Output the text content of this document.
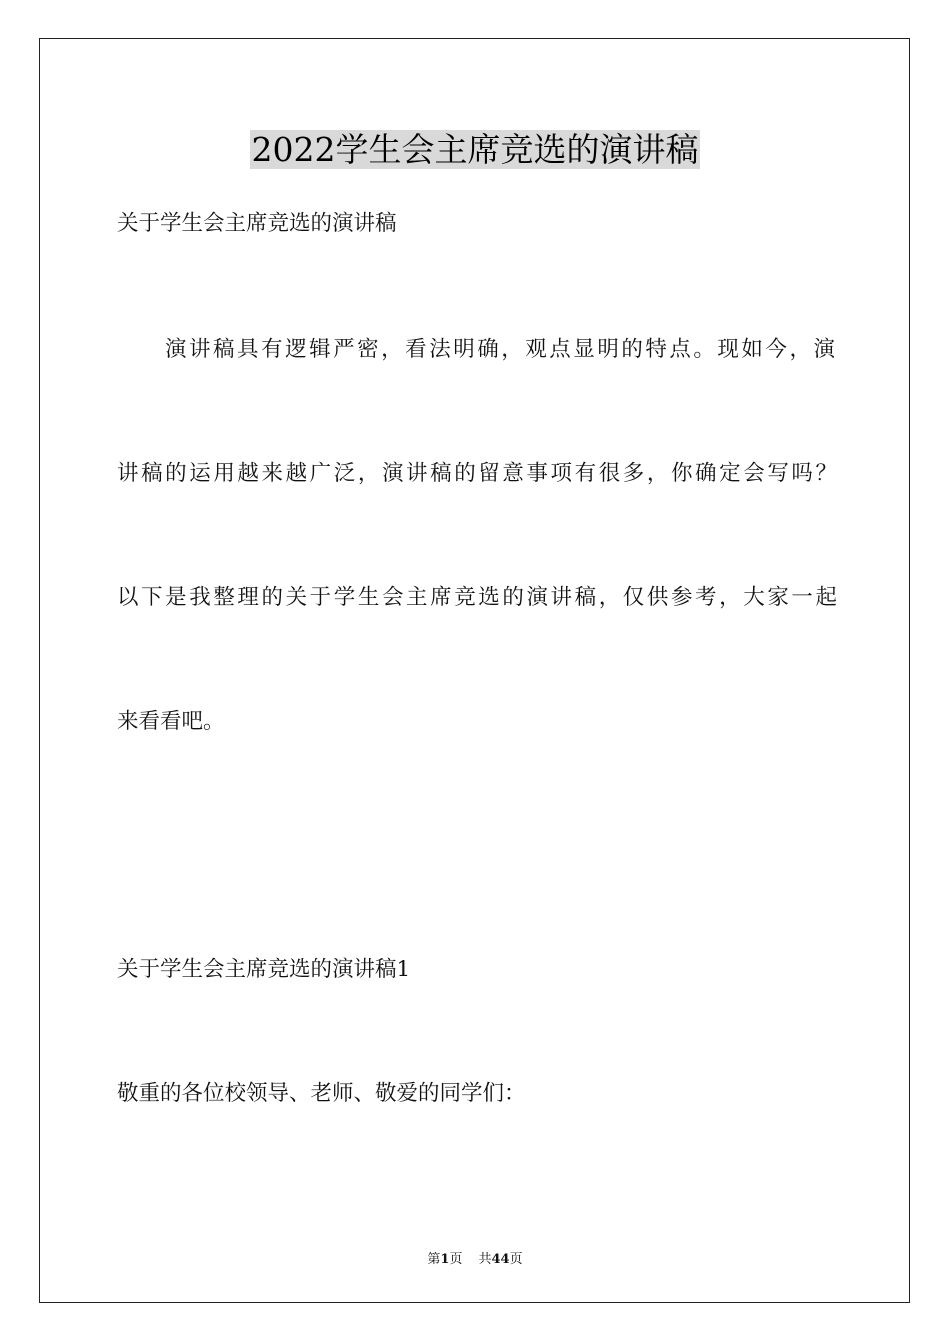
2022学生会主席竞选的演讲稿
关于学生会主席竞选的演讲稿
演讲稿具有逻辑严密，看法明确，观点显明的特点。现如今，演
讲稿的运用越来越广泛，演讲稿的留意事项有很多，你确定会写吗？
以下是我整理的关于学生会主席竞选的演讲稿，仅供参考，大家一起
来看看吧。
关于学生会主席竞选的演讲稿1
敬重的各位校领导、老师、敬爱的同学们：
第1页 共44页
